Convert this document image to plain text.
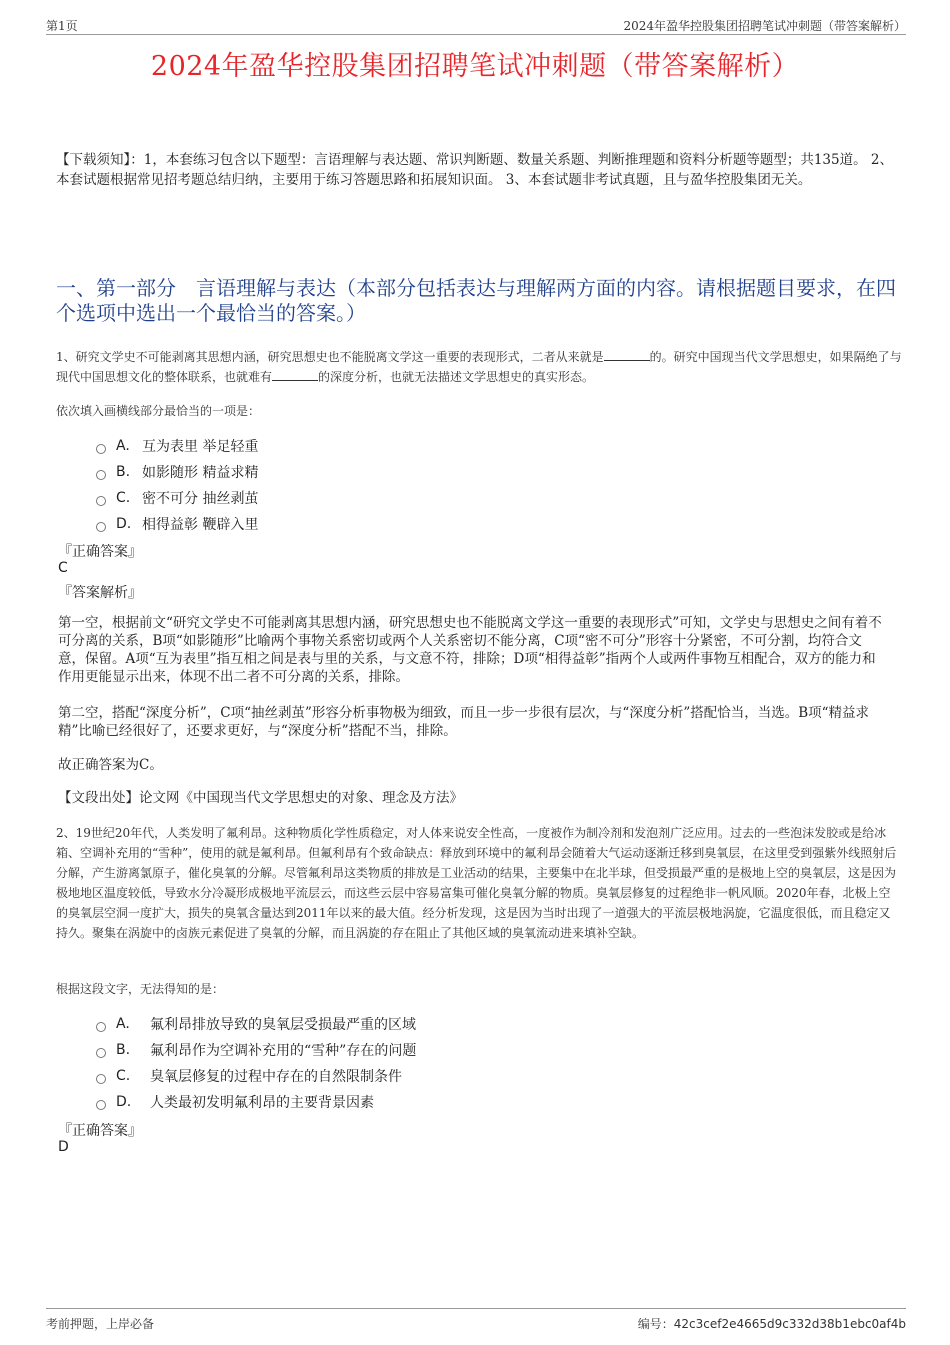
第1页	2024年盈华控股集团招聘笔试冲刺题（带答案解析）
2024年盈华控股集团招聘笔试冲刺题（带答案解析）
【下载须知】：1，本套练习包含以下题型：言语理解与表达题、常识判断题、数量关系题、判断推理题和资料分析题等题型；共135道。 2、本套试题根据常见招考题总结归纳，主要用于练习答题思路和拓展知识面。 3、本套试题非考试真题，且与盈华控股集团无关。
一、第一部分　言语理解与表达（本部分包括表达与理解两方面的内容。请根据题目要求，在四个选项中选出一个最恰当的答案。）
1、研究文学史不可能剥离其思想内涵，研究思想史也不能脱离文学这一重要的表现形式，二者从来就是	的。研究中国现当代文学思想史，如果隔绝了与现代中国思想文化的整体联系，也就难有	的深度分析，也就无法描述文学思想史的真实形态。
依次填入画横线部分最恰当的一项是：
A. 互为表里 举足轻重
B. 如影随形 精益求精
C. 密不可分 抽丝剥茧
D. 相得益彰 鞭辟入里
『正确答案』
C
『答案解析』
第一空，根据前文“研究文学史不可能剥离其思想内涵，研究思想史也不能脱离文学这一重要的表现形式”可知，文学史与思想史之间有着不可分离的关系，B项“如影随形”比喻两个事物关系密切或两个人关系密切不能分离，C项“密不可分”形容十分紧密，不可分割，均符合文意，保留。A项“互为表里”指互相之间是表与里的关系，与文意不符，排除；D项“相得益彰”指两个人或两件事物互相配合，双方的能力和作用更能显示出来，体现不出二者不可分离的关系，排除。
第二空，搭配“深度分析”，C项“抽丝剥茧”形容分析事物极为细致，而且一步一步很有层次，与“深度分析”搭配恰当，当选。B项“精益求精”比喻已经很好了，还要求更好，与“深度分析”搭配不当，排除。
故正确答案为C。
【文段出处】论文网《中国现当代文学思想史的对象、理念及方法》
2、19世纪20年代，人类发明了氟利昂。这种物质化学性质稳定，对人体来说安全性高，一度被作为制冷剂和发泡剂广泛应用。过去的一些泡沫发胶或是给冰箱、空调补充用的“雪种”，使用的就是氟利昂。但氟利昂有个致命缺点：释放到环境中的氟利昂会随着大气运动逐渐迁移到臭氧层，在这里受到强紫外线照射后分解，产生游离氯原子，催化臭氧的分解。尽管氟利昂这类物质的排放是工业活动的结果，主要集中在北半球，但受损最严重的是极地上空的臭氧层，这是因为极地地区温度较低，导致水分冷凝形成极地平流层云，而这些云层中容易富集可催化臭氧分解的物质。臭氧层修复的过程绝非一帆风顺。2020年春，北极上空的臭氧层空洞一度扩大，损失的臭氧含量达到2011年以来的最大值。经分析发现，这是因为当时出现了一道强大的平流层极地涡旋，它温度很低，而且稳定又持久。聚集在涡旋中的卤族元素促进了臭氧的分解，而且涡旋的存在阻止了其他区域的臭氧流动进来填补空缺。
根据这段文字，无法得知的是：
A.	氟利昂排放导致的臭氧层受损最严重的区域
B.	氟利昂作为空调补充用的“雪种”存在的问题
C.	臭氧层修复的过程中存在的自然限制条件
D.	人类最初发明氟利昂的主要背景因素
『正确答案』
D
考前押题，上岸必备	编号：42c3cef2e4665d9c332d38b1ebc0af4b
